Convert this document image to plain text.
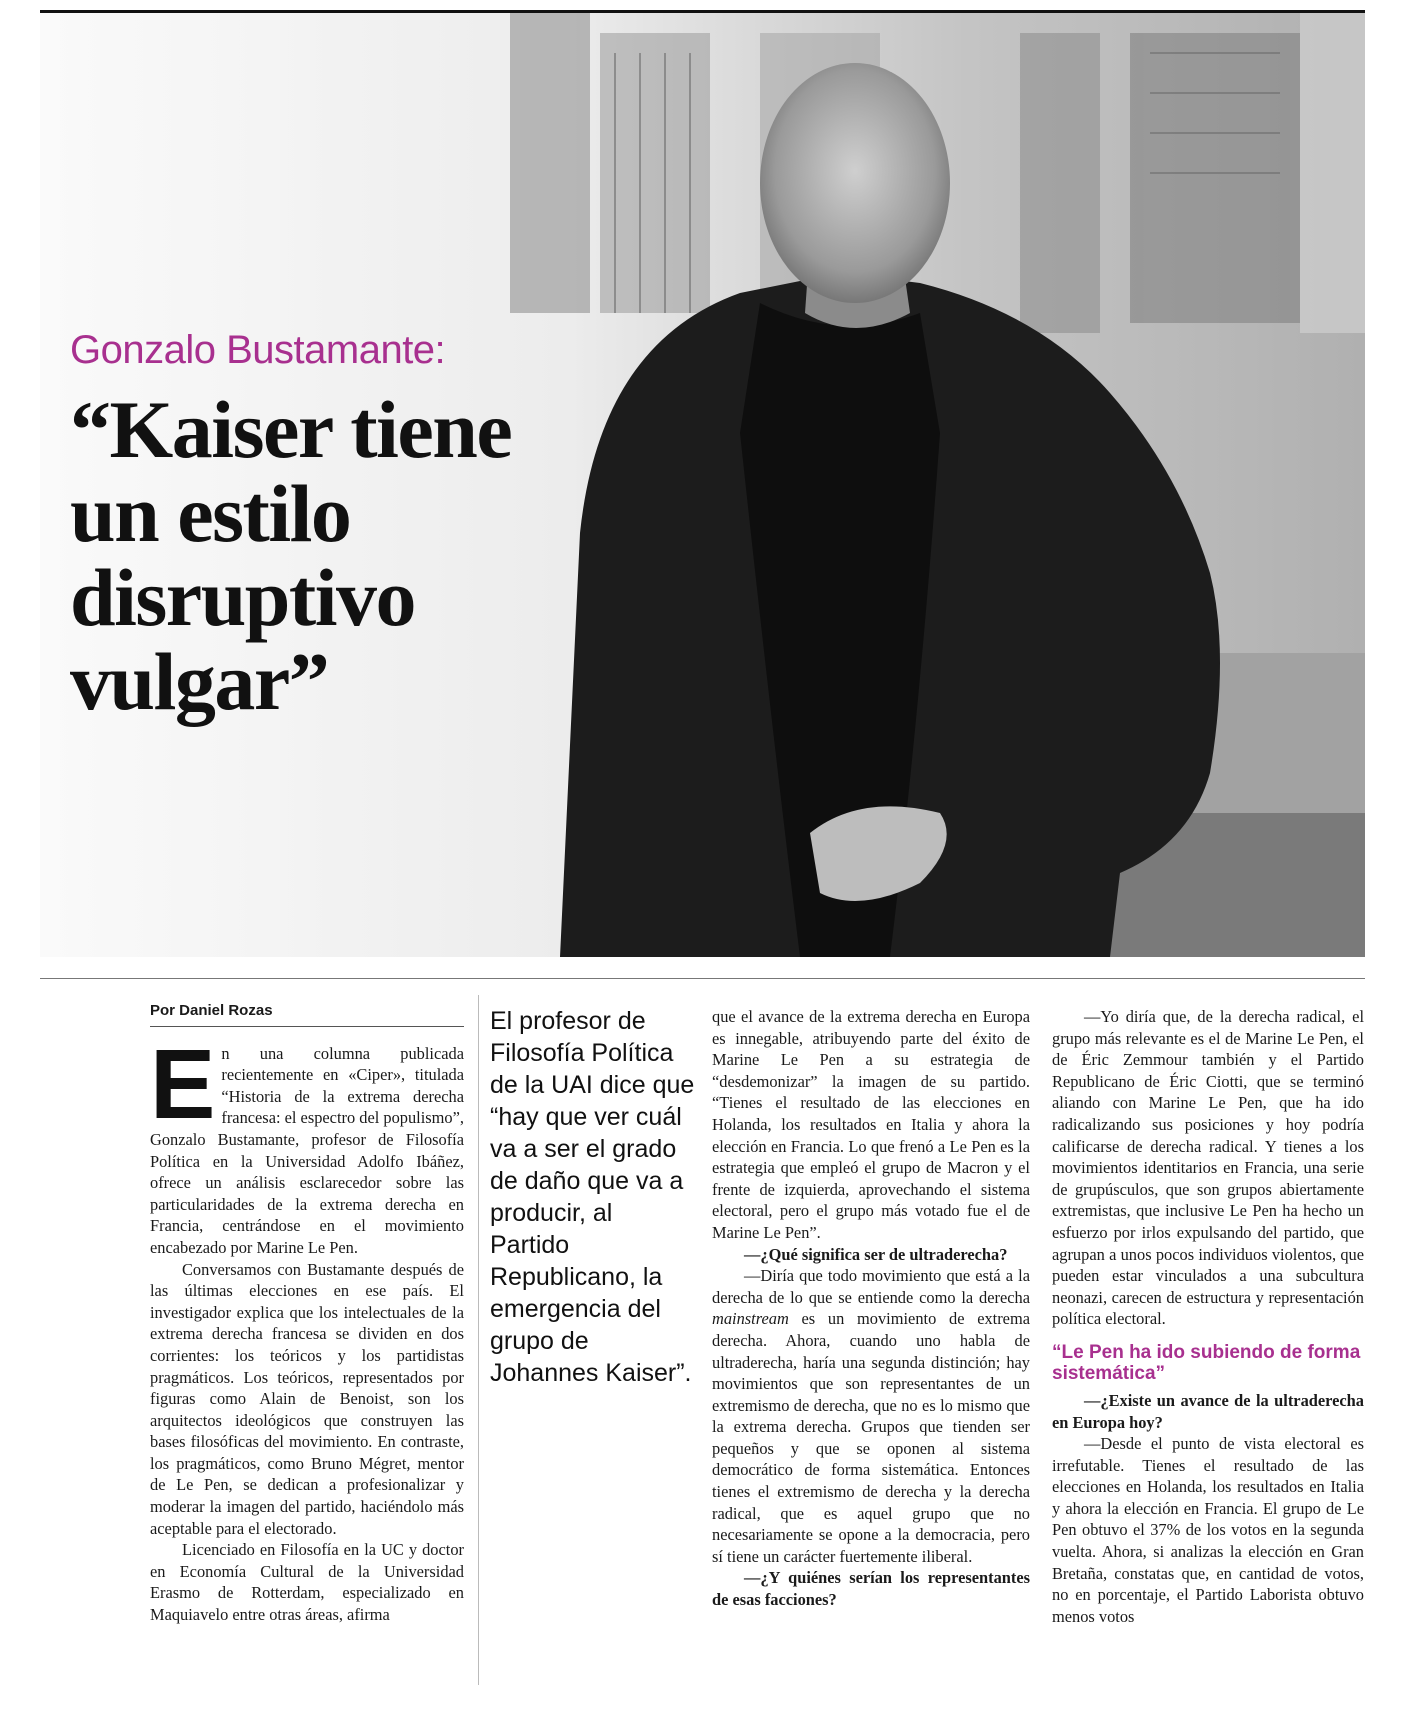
Gonzalo Bustamante:
“Kaiser tiene
un estilo
disruptivo
vulgar”
Por Daniel Rozas

En una columna publicada recientemente en «Ciper», titulada “Historia de la extrema derecha francesa: el espectro del populismo”, Gonzalo Bustamante, profesor de Filosofía Política en la Universidad Adolfo Ibáñez, ofrece un análisis esclarecedor sobre las particularidades de la extrema derecha en Francia, centrándose en el movimiento encabezado por Marine Le Pen.

Conversamos con Bustamante después de las últimas elecciones en ese país. El investigador explica que los intelectuales de la extrema derecha francesa se dividen en dos corrientes: los teóricos y los partidistas pragmáticos. Los teóricos, representados por figuras como Alain de Benoist, son los arquitectos ideológicos que construyen las bases filosóficas del movimiento. En contraste, los pragmáticos, como Bruno Mégret, mentor de Le Pen, se dedican a profesionalizar y moderar la imagen del partido, haciéndolo más aceptable para el electorado.

Licenciado en Filosofía en la UC y doctor en Economía Cultural de la Universidad Erasmo de Rotterdam, especializado en Maquiavelo entre otras áreas, afirma

El profesor de Filosofía Política de la UAI dice que “hay que ver cuál va a ser el grado de daño que va a producir, al Partido Republicano, la emergencia del grupo de Johannes Kaiser”.

que el avance de la extrema derecha en Europa es innegable, atribuyendo parte del éxito de Marine Le Pen a su estrategia de “desdemonizar” la imagen de su partido. “Tienes el resultado de las elecciones en Holanda, los resultados en Italia y ahora la elección en Francia. Lo que frenó a Le Pen es la estrategia que empleó el grupo de Macron y el frente de izquierda, aprovechando el sistema electoral, pero el grupo más votado fue el de Marine Le Pen”.

—¿Qué significa ser de ultraderecha?

—Diría que todo movimiento que está a la derecha de lo que se entiende como la derecha mainstream es un movimiento de extrema derecha. Ahora, cuando uno habla de ultraderecha, haría una segunda distinción; hay movimientos que son representantes de un extremismo de derecha, que no es lo mismo que la extrema derecha. Grupos que tienden ser pequeños y que se oponen al sistema democrático de forma sistemática. Entonces tienes el extremismo de derecha y la derecha radical, que es aquel grupo que no necesariamente se opone a la democracia, pero sí tiene un carácter fuertemente iliberal.

—¿Y quiénes serían los representantes de esas facciones?

—Yo diría que, de la derecha radical, el grupo más relevante es el de Marine Le Pen, el de Éric Zemmour también y el Partido Republicano de Éric Ciotti, que se terminó aliando con Marine Le Pen, que ha ido radicalizando sus posiciones y hoy podría calificarse de derecha radical. Y tienes a los movimientos identitarios en Francia, una serie de grupúsculos, que son grupos abiertamente extremistas, que inclusive Le Pen ha hecho un esfuerzo por irlos expulsando del partido, que agrupan a unos pocos individuos violentos, que pueden estar vinculados a una subcultura neonazi, carecen de estructura y representación política electoral.

“Le Pen ha ido subiendo de forma sistemática”

—¿Existe un avance de la ultraderecha en Europa hoy?

—Desde el punto de vista electoral es irrefutable. Tienes el resultado de las elecciones en Holanda, los resultados en Italia y ahora la elección en Francia. El grupo de Le Pen obtuvo el 37% de los votos en la segunda vuelta. Ahora, si analizas la elección en Gran Bretaña, constatas que, en cantidad de votos, no en porcentaje, el Partido Laborista obtuvo menos votos
